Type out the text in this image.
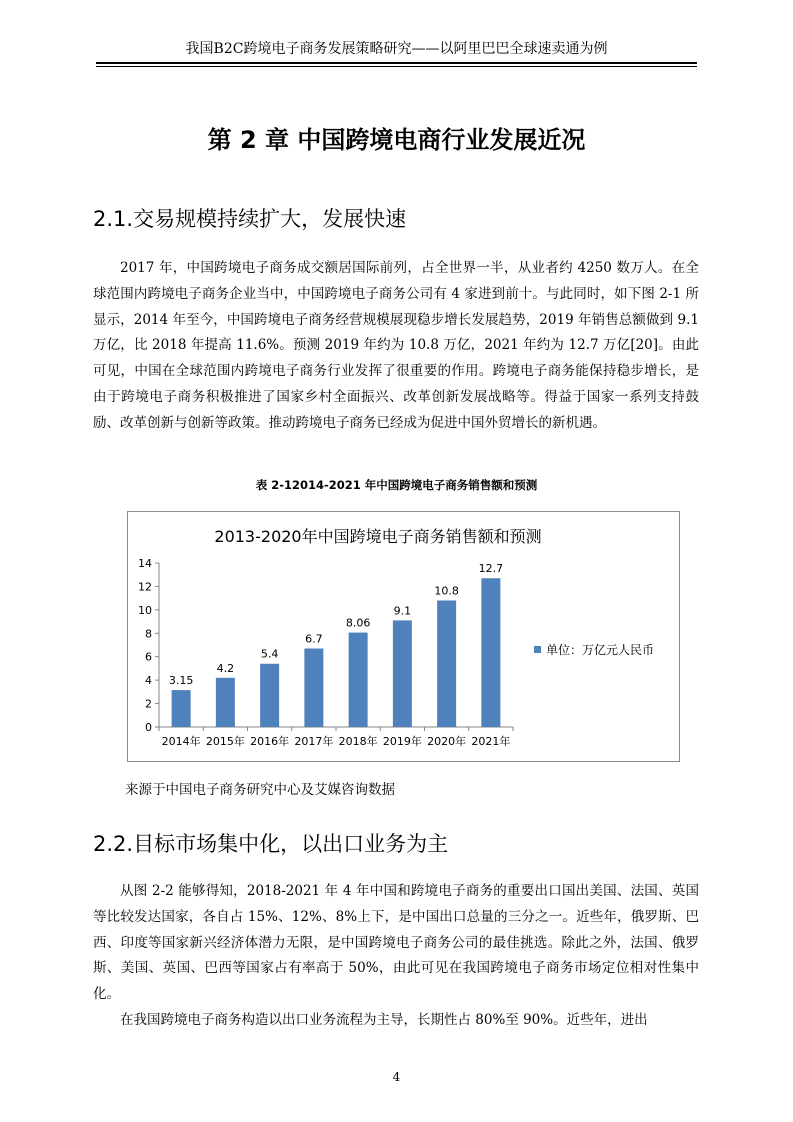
我国B2C跨境电子商务发展策略研究——以阿里巴巴全球速卖通为例
第 2 章 中国跨境电商行业发展近况
2.1.交易规模持续扩大，发展快速

2017 年，中国跨境电子商务成交额居国际前列，占全世界一半，从业者约 4250 数万人。在全球范围内跨境电子商务企业当中，中国跨境电子商务公司有 4 家进到前十。与此同时，如下图 2-1 所显示，2014 年至今，中国跨境电子商务经营规模展现稳步增长发展趋势，2019 年销售总额做到 9.1 万亿，比 2018 年提高 11.6%。预测 2019 年约为 10.8 万亿，2021 年约为 12.7 万亿[20]。由此可见，中国在全球范围内跨境电子商务行业发挥了很重要的作用。跨境电子商务能保持稳步增长，是由于跨境电子商务积极推进了国家乡村全面振兴、改革创新发展战略等。得益于国家一系列支持鼓励、改革创新与创新等政策。推动跨境电子商务已经成为促进中国外贸增长的新机遇。

表 2-12014-2021 年中国跨境电子商务销售额和预测
2013-2020年中国跨境电子商务销售额和预测
0
2
4
6
8
10
12
14
3.15
2014年
4.2
2015年
5.4
2016年
6.7
2017年
8.06
2018年
9.1
2019年
10.8
2020年
12.7
2021年
单位：万亿元人民币
来源于中国电子商务研究中心及艾媒咨询数据
2.2.目标市场集中化，以出口业务为主

从图 2-2 能够得知，2018-2021 年 4 年中国和跨境电子商务的重要出口国出美国、法国、英国等比较发达国家，各自占 15%、12%、8%上下，是中国出口总量的三分之一。近些年，俄罗斯、巴西、印度等国家新兴经济体潜力无限，是中国跨境电子商务公司的最佳挑选。除此之外，法国、俄罗斯、美国、英国、巴西等国家占有率高于 50%，由此可见在我国跨境电子商务市场定位相对性集中化。

在我国跨境电子商务构造以出口业务流程为主导，长期性占 80%至 90%。近些年，进出

4
